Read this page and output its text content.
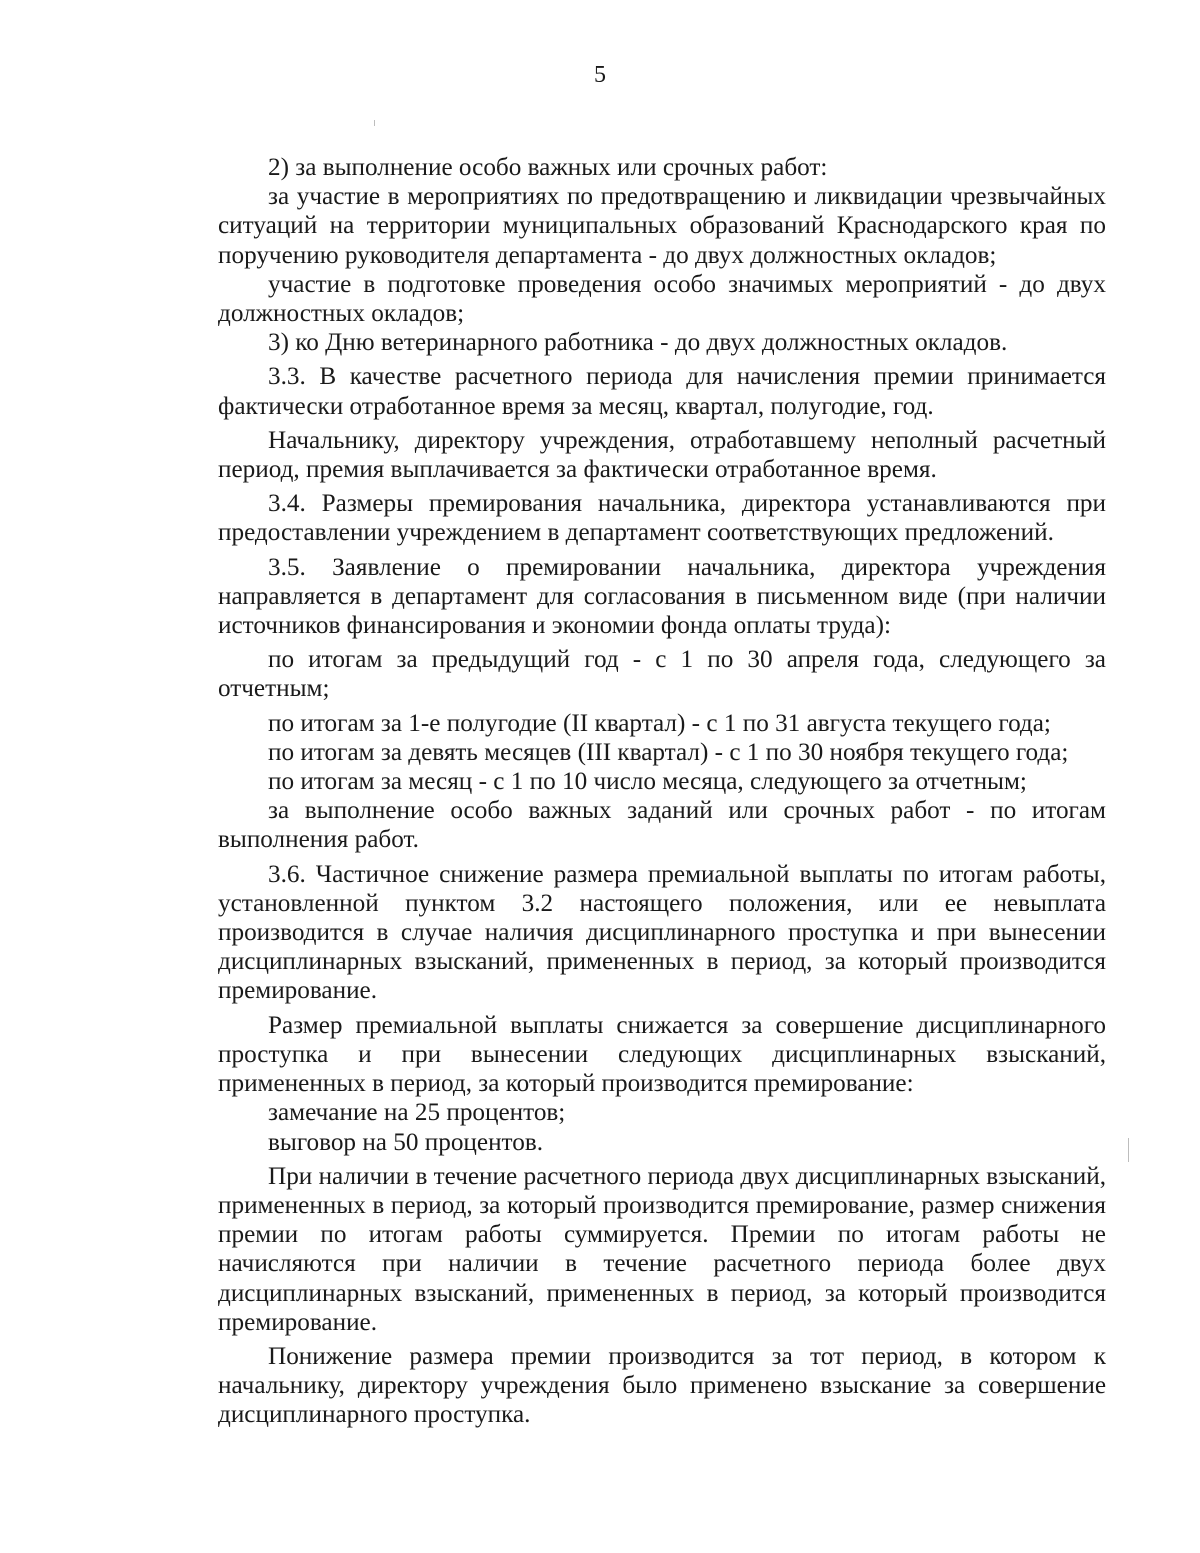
5

2) за выполнение особо важных или срочных работ:

за участие в мероприятиях по предотвращению и ликвидации чрезвычайных ситуаций на территории муниципальных образований Краснодарского края по поручению руководителя департамента - до двух должностных окладов;

участие в подготовке проведения особо значимых мероприятий - до двух должностных окладов;

3) ко Дню ветеринарного работника - до двух должностных окладов.

3.3. В качестве расчетного периода для начисления премии принимается фактически отработанное время за месяц, квартал, полугодие, год.

Начальнику, директору учреждения, отработавшему неполный расчетный период, премия выплачивается за фактически отработанное время.

3.4. Размеры премирования начальника, директора устанавливаются при предоставлении учреждением в департамент соответствующих предложений.

3.5. Заявление о премировании начальника, директора учреждения направляется в департамент для согласования в письменном виде (при наличии источников финансирования и экономии фонда оплаты труда):

по итогам за предыдущий год - с 1 по 30 апреля года, следующего за отчетным;

по итогам за 1-е полугодие (II квартал) - с 1 по 31 августа текущего года;

по итогам за девять месяцев (III квартал) - с 1 по 30 ноября текущего года;

по итогам за месяц - с 1 по 10 число месяца, следующего за отчетным;

за выполнение особо важных заданий или срочных работ - по итогам выполнения работ.

3.6. Частичное снижение размера премиальной выплаты по итогам работы, установленной пунктом 3.2 настоящего положения, или ее невыплата производится в случае наличия дисциплинарного проступка и при вынесении дисциплинарных взысканий, примененных в период, за который производится премирование.

Размер премиальной выплаты снижается за совершение дисциплинарного проступка и при вынесении следующих дисциплинарных взысканий, примененных в период, за который производится премирование:

замечание на 25 процентов;

выговор на 50 процентов.

При наличии в течение расчетного периода двух дисциплинарных взысканий, примененных в период, за который производится премирование, размер снижения премии по итогам работы суммируется. Премии по итогам работы не начисляются при наличии в течение расчетного периода более двух дисциплинарных взысканий, примененных в период, за который производится премирование.

Понижение размера премии производится за тот период, в котором к начальнику, директору учреждения было применено взыскание за совершение дисциплинарного проступка.
